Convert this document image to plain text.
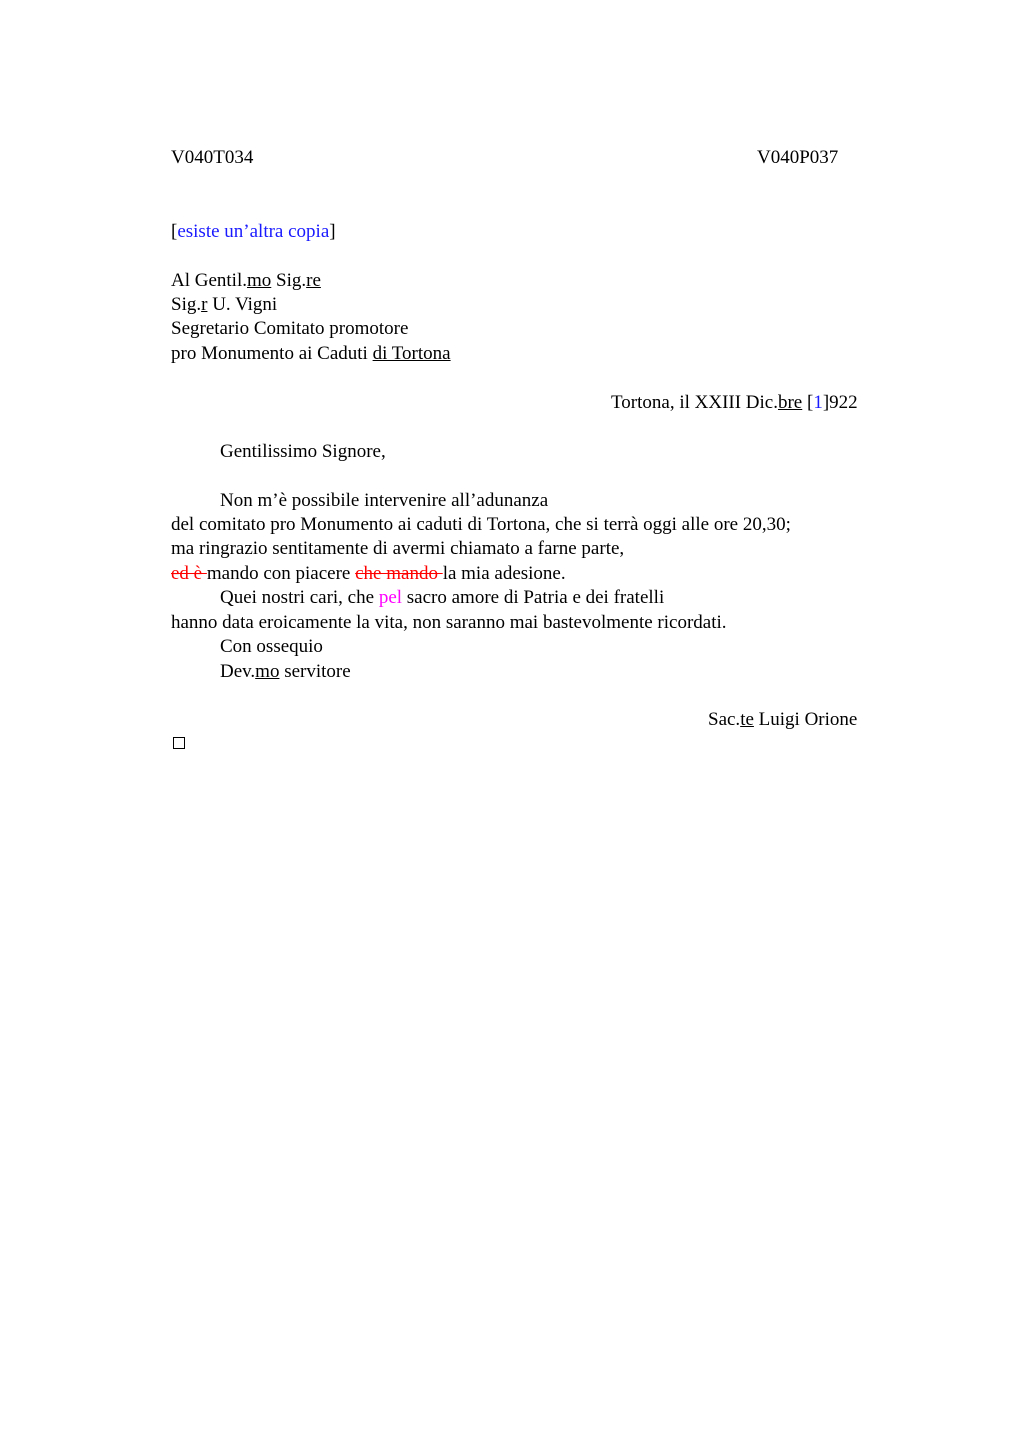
V040T034	V040P037
[esiste un’altra copia]
Al Gentil.mo Sig.re
Sig.r U. Vigni
Segretario Comitato promotore
pro Monumento ai Caduti di Tortona
Tortona, il XXIII Dic.bre [1]922
Gentilissimo Signore,
Non m’è possibile intervenire all’adunanza
del comitato pro Monumento ai caduti di Tortona, che si terrà oggi alle ore 20,30;
ma ringrazio sentitamente di avermi chiamato a farne parte,
ed è mando con piacere che mando la mia adesione.
Quei nostri cari, che pel sacro amore di Patria e dei fratelli
hanno data eroicamente la vita, non saranno mai bastevolmente ricordati.
Con ossequio
Dev.mo servitore
Sac.te Luigi Orione
